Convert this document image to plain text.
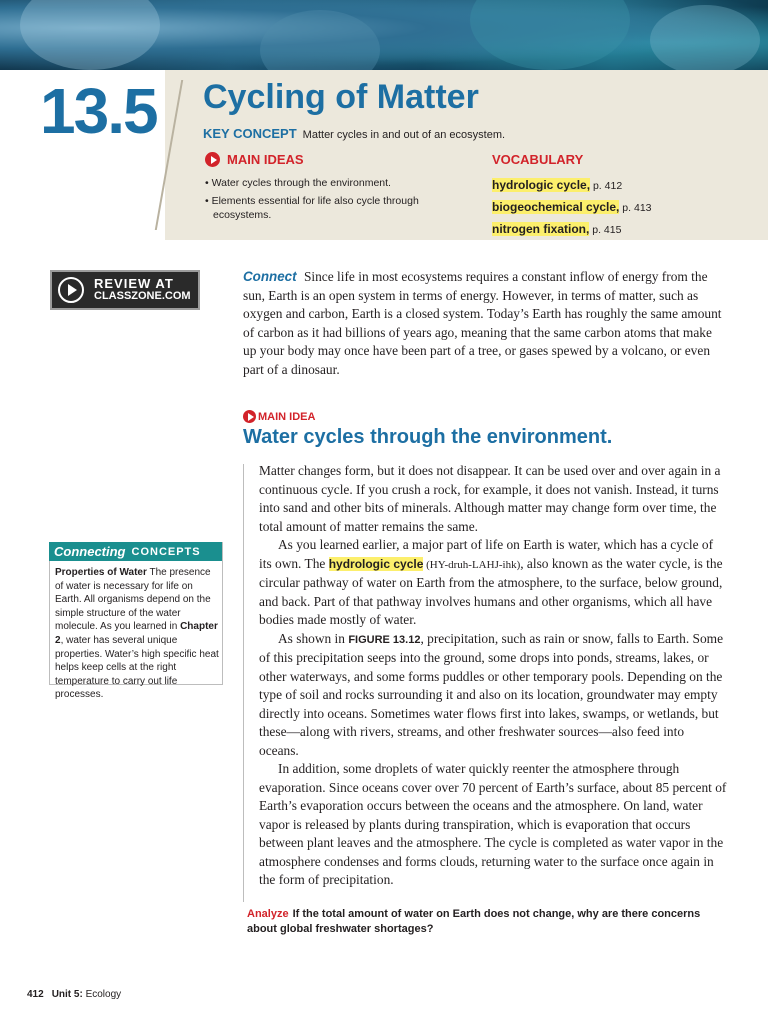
13.5 Cycling of Matter
KEY CONCEPT Matter cycles in and out of an ecosystem.
MAIN IDEAS
• Water cycles through the environment.
• Elements essential for life also cycle through ecosystems.
VOCABULARY
hydrologic cycle, p. 412
biogeochemical cycle, p. 413
nitrogen fixation, p. 415
REVIEW AT
CLASSZONE.COM
Connect Since life in most ecosystems requires a constant inflow of energy from the sun, Earth is an open system in terms of energy. However, in terms of matter, such as oxygen and carbon, Earth is a closed system. Today’s Earth has roughly the same amount of carbon as it had billions of years ago, meaning that the same carbon atoms that make up your body may once have been part of a tree, or gases spewed by a volcano, or even part of a dinosaur.
MAIN IDEA
Water cycles through the environment.

Matter changes form, but it does not disappear. It can be used over and over again in a continuous cycle. If you crush a rock, for example, it does not vanish. Instead, it turns into sand and other bits of minerals. Although matter may change form over time, the total amount of matter remains the same.

As you learned earlier, a major part of life on Earth is water, which has a cycle of its own. The hydrologic cycle (HY-druh-LAHJ-ihk), also known as the water cycle, is the circular pathway of water on Earth from the atmosphere, to the surface, below ground, and back. Part of that pathway involves humans and other organisms, which all have bodies made mostly of water.

As shown in FIGURE 13.12, precipitation, such as rain or snow, falls to Earth. Some of this precipitation seeps into the ground, some drops into ponds, streams, lakes, or other waterways, and some forms puddles or other temporary pools. Depending on the type of soil and rocks surrounding it and also on its location, groundwater may empty directly into oceans. Sometimes water flows first into lakes, swamps, or wetlands, but these—along with rivers, streams, and other freshwater sources—also feed into oceans.

In addition, some droplets of water quickly reenter the atmosphere through evaporation. Since oceans cover over 70 percent of Earth’s surface, about 85 percent of Earth’s evaporation occurs between the oceans and the atmosphere. On land, water vapor is released by plants during transpiration, which is evaporation that occurs between plant leaves and the atmosphere. The cycle is completed as water vapor in the atmosphere condenses and forms clouds, returning water to the surface once again in the form of precipitation.

Analyze If the total amount of water on Earth does not change, why are there concerns about global freshwater shortages?
Connecting CONCEPTS
Properties of Water The presence of water is necessary for life on Earth. All organisms depend on the simple structure of the water molecule. As you learned in Chapter 2, water has several unique properties. Water’s high specific heat helps keep cells at the right temperature to carry out life processes.
412 Unit 5: Ecology
